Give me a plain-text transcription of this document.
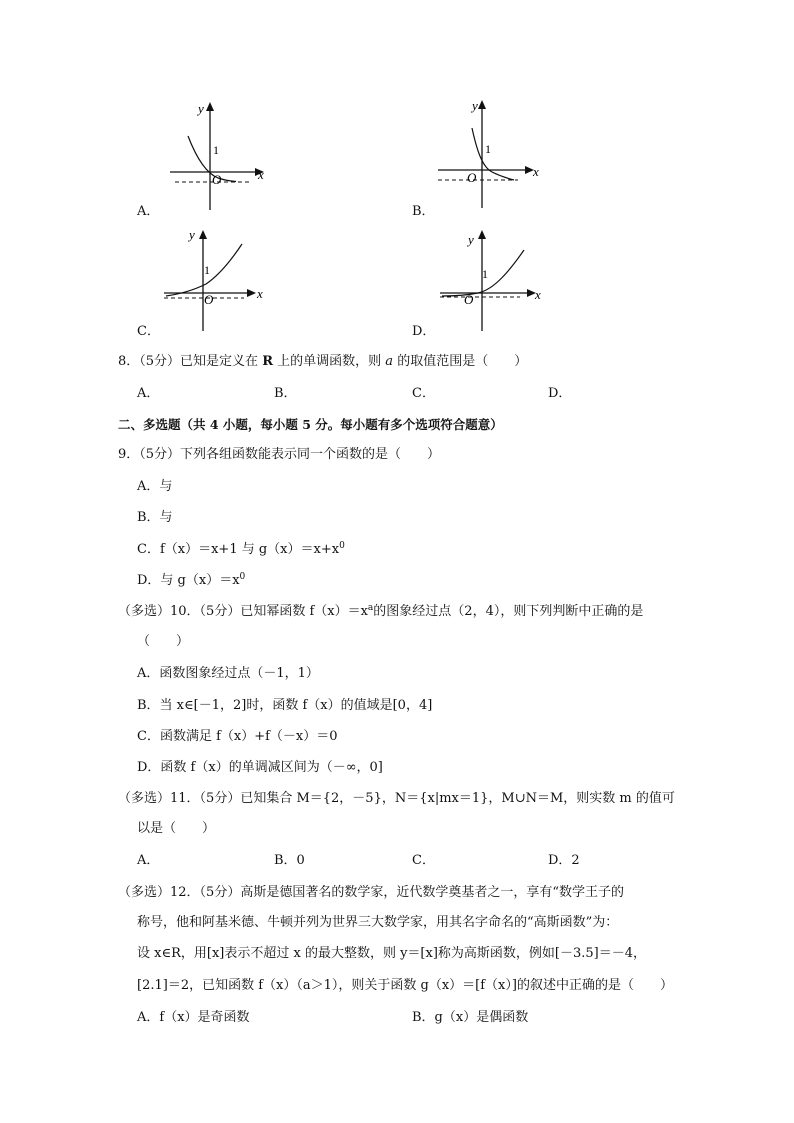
y
x
1
O
A．
y
x
1
O
B．
y
x
1
O
C．
y
x
1
O
D．
8．（5分）已知是定义在 R 上的单调函数，则 a 的取值范围是（　　）
A．	B．	C．	D．
二、多选题（共 4 小题，每小题 5 分。每小题有多个选项符合题意）
9．（5分）下列各组函数能表示同一个函数的是（　　）
A．与
B．与
C．f（x）＝x+1 与 $g(x)=x+x^0$
D．与 $g(x)=x^0$
（多选）10．（5分）已知幂函数 $f(x)=x^a$的图象经过点（2，4），则下列判断中正确的是
（　　）
A．函数图象经过点（－1，1）
B．当 x∈[－1，2]时，函数 f（x）的值域是[0，4]
C．函数满足 f（x）+f（－x）＝0
D．函数 f（x）的单调减区间为（－∞，0]
（多选）11．（5分）已知集合 M＝{2，－5}，N＝{x|mx＝1}，M∪N＝M，则实数 m 的值可
以是（　　）
A．	B．0	C．	D．2
（多选）12．（5分）高斯是德国著名的数学家，近代数学奠基者之一，享有“数学王子的
称号，他和阿基米德、牛顿并列为世界三大数学家，用其名字命名的“高斯函数”为：
设 x∈R，用[x]表示不超过 x 的最大整数，则 y＝[x]称为高斯函数，例如[－3.5]＝－4，
[2.1]＝2，已知函数 f（x）（a＞1），则关于函数 g（x）＝[f（x）]的叙述中正确的是（　　）
A．f（x）是奇函数	B．g（x）是偶函数
